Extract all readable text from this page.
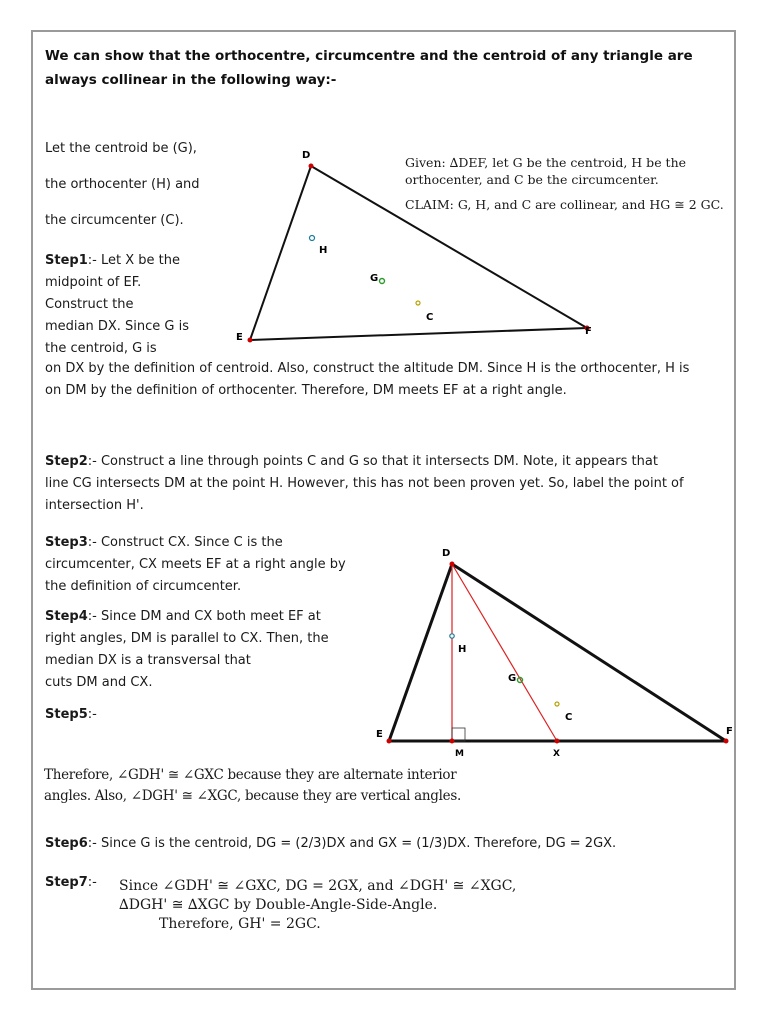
We can show that the orthocentre, circumcentre and the centroid of any triangle are always collinear in the following way:-
Let the centroid be (G),
the orthocenter (H) and
the circumcenter (C).
D
E
F
H
G
C
Given: ∆DEF, let G be the centroid, H be the
orthocenter, and C be the circumcenter.
CLAIM: G, H, and C are collinear, and HG ≅ 2 GC.
Step1:- Let X be the
midpoint of EF.
Construct the
median DX. Since G is
the centroid, G is
on DX by the definition of centroid. Also, construct the altitude DM. Since H is the orthocenter, H is
on DM by the definition of orthocenter. Therefore, DM meets EF at a right angle.
Step2:- Construct a line through points C and G so that it intersects DM. Note, it appears that
line CG intersects DM at the point H. However, this has not been proven yet. So, label the point of
intersection H'.
Step3:- Construct CX. Since C is the
circumcenter, CX meets EF at a right angle by
the definition of circumcenter.
Step4:- Since DM and CX both meet EF at
right angles, DM is parallel to CX. Then, the
median DX is a transversal that
cuts DM and CX.
Step5:-
D
E	F
H
G
C
M	X
Therefore, ∠GDH' ≅ ∠GXC because they are alternate interior
angles. Also, ∠DGH' ≅ ∠XGC, because they are vertical angles.
Step6:- Since G is the centroid, DG = (2/3)DX and GX = (1/3)DX. Therefore, DG = 2GX.
Step7:- Since ∠GDH' ≅ ∠GXC, DG = 2GX, and ∠DGH' ≅ ∠XGC,
∆DGH' ≅ ∆XGC by Double-Angle-Side-Angle.
Therefore, GH' = 2GC.
